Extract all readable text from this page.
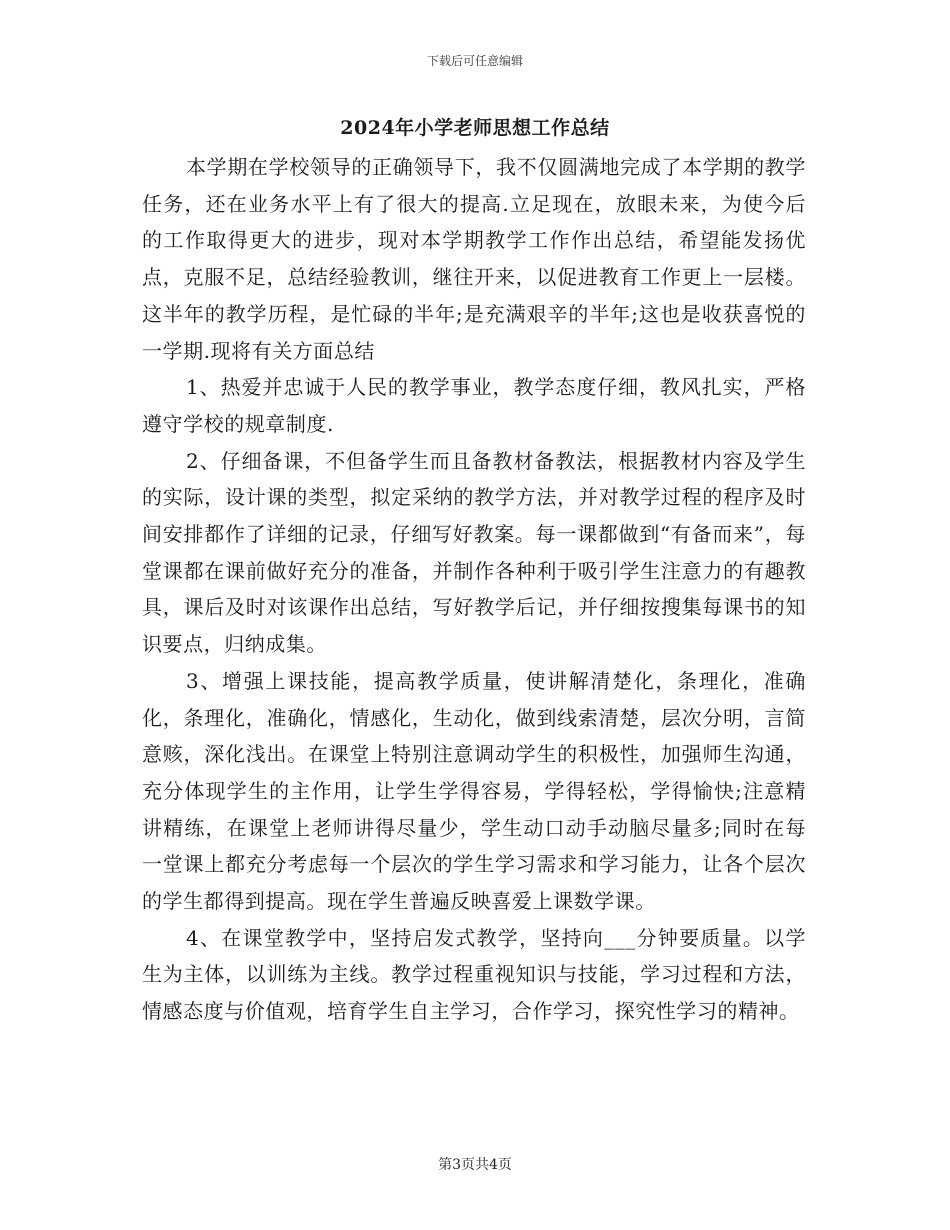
下载后可任意编辑
2024年小学老师思想工作总结

本学期在学校领导的正确领导下，我不仅圆满地完成了本学期的教学任务，还在业务水平上有了很大的提高.立足现在，放眼未来，为使今后的工作取得更大的进步，现对本学期教学工作作出总结，希望能发扬优点，克服不足，总结经验教训，继往开来，以促进教育工作更上一层楼。这半年的教学历程，是忙碌的半年;是充满艰辛的半年;这也是收获喜悦的一学期.现将有关方面总结

1、热爱并忠诚于人民的教学事业，教学态度仔细，教风扎实，严格遵守学校的规章制度.

2、仔细备课，不但备学生而且备教材备教法，根据教材内容及学生的实际，设计课的类型，拟定采纳的教学方法，并对教学过程的程序及时间安排都作了详细的记录，仔细写好教案。每一课都做到“有备而来”，每堂课都在课前做好充分的准备，并制作各种利于吸引学生注意力的有趣教具，课后及时对该课作出总结，写好教学后记，并仔细按搜集每课书的知识要点，归纳成集。

3、增强上课技能，提高教学质量，使讲解清楚化，条理化，准确化，条理化，准确化，情感化，生动化，做到线索清楚，层次分明，言简意赅，深化浅出。在课堂上特别注意调动学生的积极性，加强师生沟通，充分体现学生的主作用，让学生学得容易，学得轻松，学得愉快;注意精讲精练，在课堂上老师讲得尽量少，学生动口动手动脑尽量多;同时在每一堂课上都充分考虑每一个层次的学生学习需求和学习能力，让各个层次的学生都得到提高。现在学生普遍反映喜爱上课数学课。

4、在课堂教学中，坚持启发式教学，坚持向___分钟要质量。以学生为主体，以训练为主线。教学过程重视知识与技能，学习过程和方法，情感态度与价值观，培育学生自主学习，合作学习，探究性学习的精神。

第3页共4页
